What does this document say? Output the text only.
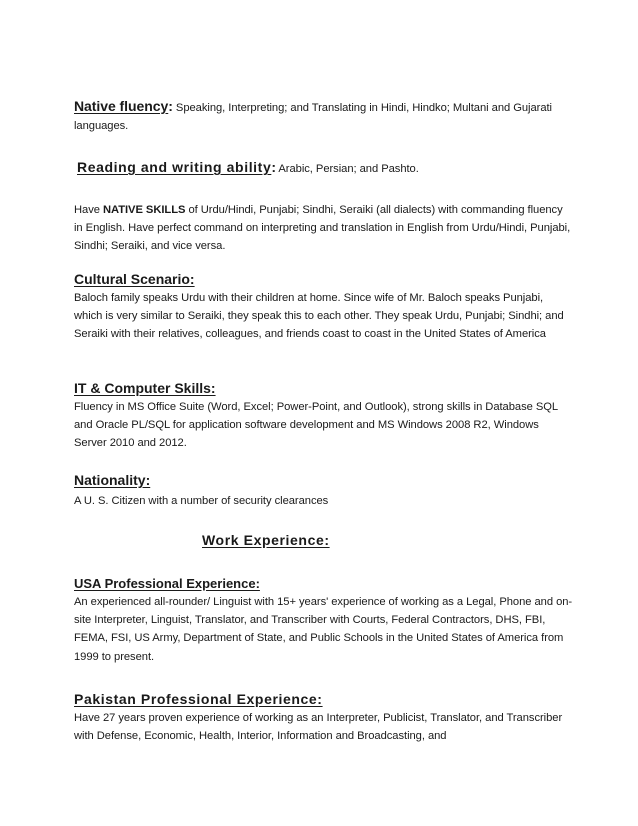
Native fluency: Speaking, Interpreting; and Translating in Hindi, Hindko; Multani and Gujarati languages.

Reading and writing ability: Arabic, Persian; and Pashto.

Have NATIVE SKILLS of Urdu/Hindi, Punjabi; Sindhi, Seraiki (all dialects) with commanding fluency in English. Have perfect command on interpreting and translation in English from Urdu/Hindi, Punjabi, Sindhi; Seraiki, and vice versa.

Cultural Scenario:

Baloch family speaks Urdu with their children at home. Since wife of Mr. Baloch speaks Punjabi, which is very similar to Seraiki, they speak this to each other. They speak Urdu, Punjabi; Sindhi; and Seraiki with their relatives, colleagues, and friends coast to coast in the United States of America

IT & Computer Skills:

Fluency in MS Office Suite (Word, Excel; Power-Point, and Outlook), strong skills in Database SQL and Oracle PL/SQL for application software development and MS Windows 2008 R2, Windows Server 2010 and 2012.

Nationality:

A U. S. Citizen with a number of security clearances

Work Experience:
USA Professional Experience:

An experienced all-rounder/ Linguist with 15+ years' experience of working as a Legal, Phone and on-site Interpreter, Linguist, Translator, and Transcriber with Courts, Federal Contractors, DHS, FBI, FEMA, FSI, US Army, Department of State, and Public Schools in the United States of America from 1999 to present.

Pakistan Professional Experience:

Have 27 years proven experience of working as an Interpreter, Publicist, Translator, and Transcriber with Defense, Economic, Health, Interior, Information and Broadcasting, and
